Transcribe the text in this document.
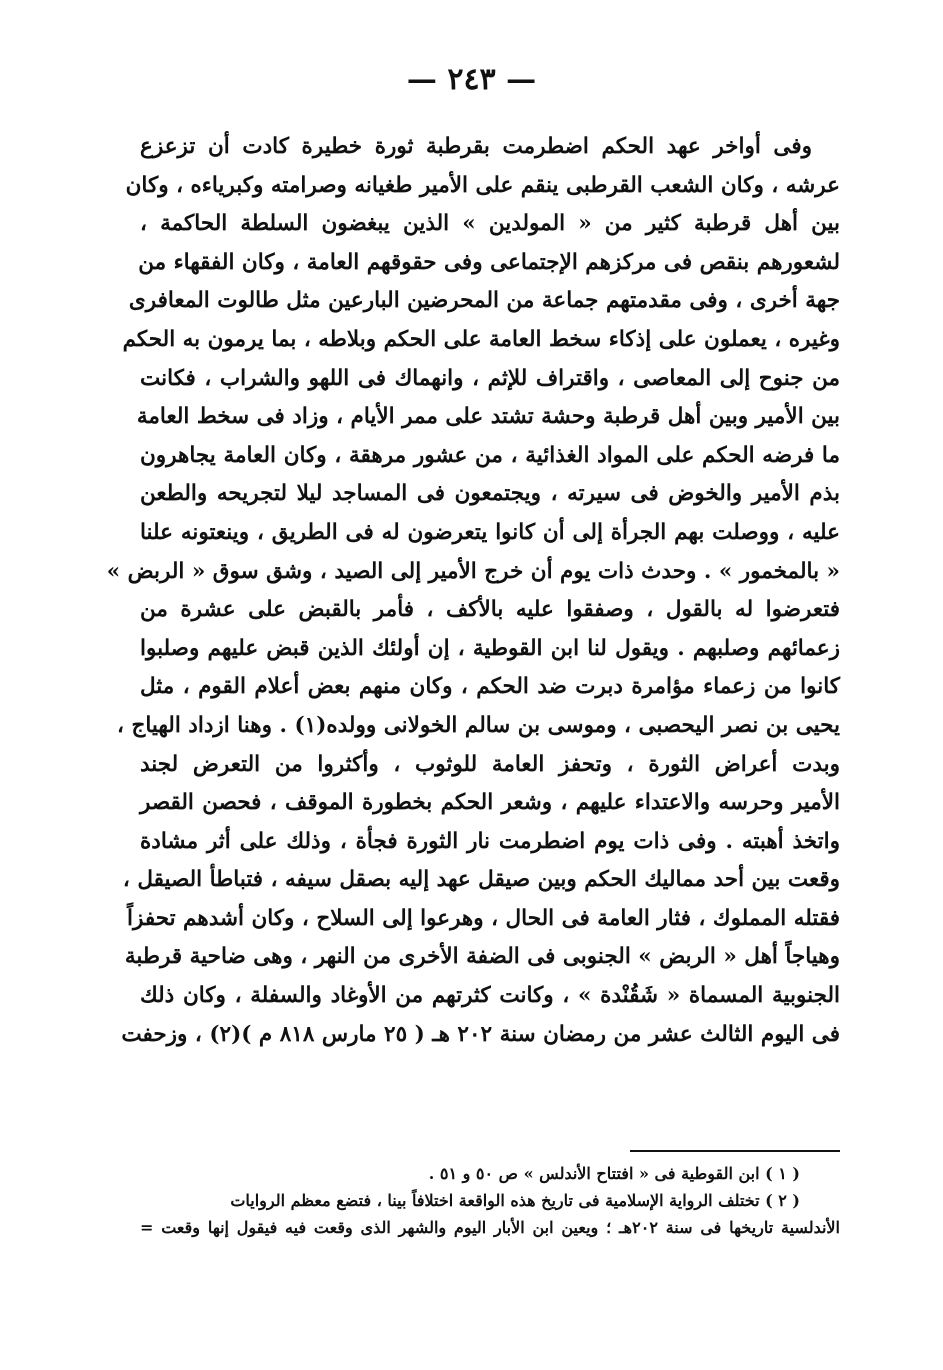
— ٢٤٣ —
وفى أواخر عهد الحكم اضطرمت بقرطبة ثورة خطيرة كادت أن تزعزع
عرشه ، وكان الشعب القرطبى ينقم على الأمير طغيانه وصرامته وكبرياءه ، وكان
بين أهل قرطبة كثير من « المولدين » الذين يبغضون السلطة الحاكمة ،
لشعورهم بنقص فى مركزهم الإجتماعى وفى حقوقهم العامة ، وكان الفقهاء من
جهة أخرى ، وفى مقدمتهم جماعة من المحرضين البارعين مثل طالوت المعافرى
وغيره ، يعملون على إذكاء سخط العامة على الحكم وبلاطه ، بما يرمون به الحكم
من جنوح إلى المعاصى ، واقتراف للإثم ، وانهماك فى اللهو والشراب ، فكانت
بين الأمير وبين أهل قرطبة وحشة تشتد على ممر الأيام ، وزاد فى سخط العامة
ما فرضه الحكم على المواد الغذائية ، من عشور مرهقة ، وكان العامة يجاهرون
بذم الأمير والخوض فى سيرته ، ويجتمعون فى المساجد ليلا لتجريحه والطعن
عليه ، ووصلت بهم الجرأة إلى أن كانوا يتعرضون له فى الطريق ، وينعتونه علنا
« بالمخمور » . وحدث ذات يوم أن خرج الأمير إلى الصيد ، وشق سوق « الربض »
فتعرضوا له بالقول ، وصفقوا عليه بالأكف ، فأمر بالقبض على عشرة من
زعمائهم وصلبهم . ويقول لنا ابن القوطية ، إن أولئك الذين قبض عليهم وصلبوا
كانوا من زعماء مؤامرة دبرت ضد الحكم ، وكان منهم بعض أعلام القوم ، مثل
يحيى بن نصر اليحصبى ، وموسى بن سالم الخولانى وولده(١) . وهنا ازداد الهياج ،
وبدت أعراض الثورة ، وتحفز العامة للوثوب ، وأكثروا من التعرض لجند
الأمير وحرسه والاعتداء عليهم ، وشعر الحكم بخطورة الموقف ، فحصن القصر
واتخذ أهبته . وفى ذات يوم اضطرمت نار الثورة فجأة ، وذلك على أثر مشادة
وقعت بين أحد مماليك الحكم وبين صيقل عهد إليه بصقل سيفه ، فتباطأ الصيقل ،
فقتله المملوك ، فثار العامة فى الحال ، وهرعوا إلى السلاح ، وكان أشدهم تحفزاً
وهياجاً أهل « الربض » الجنوبى فى الضفة الأخرى من النهر ، وهى ضاحية قرطبة
الجنوبية المسماة « شَقُنْدة » ، وكانت كثرتهم من الأوغاد والسفلة ، وكان ذلك
فى اليوم الثالث عشر من رمضان سنة ٢٠٢ هـ ( ٢٥ مارس ٨١٨ م )(٢) ، وزحفت
( ١ ) ابن القوطية فى « افتتاح الأندلس » ص ٥٠ و ٥١ .
( ٢ ) تختلف الرواية الإسلامية فى تاريخ هذه الواقعة اختلافاً بينا ، فتضع معظم الروايات
الأندلسية تاريخها فى سنة ٢٠٢هـ ؛ ويعين ابن الأبار اليوم والشهر الذى وقعت فيه فيقول إنها وقعت =
